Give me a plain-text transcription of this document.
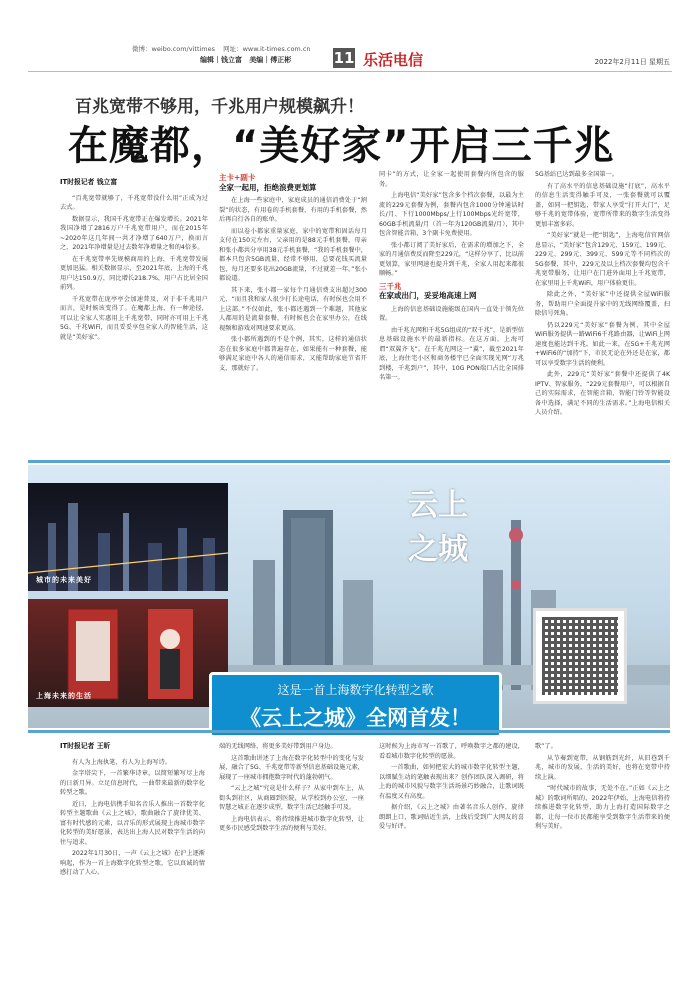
微博：weibo.com/vittimes 网址：www.it-times.com.cn
编辑｜钱立富 美编｜傅正彬	11 乐活电信	2022年2月11日 星期五
百兆宽带不够用，千兆用户规模飙升！
在魔都，“美好家”开启三千兆
IT时报记者 钱立富

“百兆宽带就够了，千兆宽带没什么用”正成为过去式。

数据显示，我国千兆宽带正在爆发增长。2021年我国净增了2816万户千兆宽带用户，而在2015年~2020年这几年间一共才净增了640万户，换而言之，2021年净增量是过去数年净增量之和的4倍多。

在千兆宽带率先规模商用的上海，千兆宽带发展更加迅猛。相关数据显示，至2021年底，上海的千兆用户达150.9万，同比增长218.7%，用户占比居全国前列。

千兆宽带在庞亭亭会加速普及，对于非千兆用户而言，是时候该变得了。在魔都上海，有一种途径，可以让全家人实惠用上千兆宽带，同时亦可用上千兆5G、千兆WiFi，而且妥妥享包全家人的智能生活，这就是“美好家”。

主卡+副卡
全家一起用，拒绝浪费更划算

在上海一些家庭中，家庭成员的通信消费处于“割裂”的状态，有用卷的手机套餐，有用的手机套餐，然后再自行各自的账单。

而以卷小都家重量家庭，家中的宽带和固话每月支付在150元左右，父亲用的是88元手机套餐，母亲和张小都共分享用38元手机套餐，“我的手机套餐中，都本只包含5GB流量，经常不够用，总要花钱买流量包，每月还要多花出20GB流量，不过就差一年。”张小都说道。

其下来，张小都一家每个月通信费支出超过300元，“而且我和家人很少打长途电话，有时侯也会用不上这部。”不仅如此，张小都还遇到一个难题，其他家人都用的是流量套餐，有时候也会在家里办公，在线视频和游戏对网速要求更高。

张小都所遇到的不是个例，其实，这样的通信状态在很多家庭中都普遍存在，如果能有一种套餐，能够满足家庭中各人的通信需求，又能帮助家庭节省开支，那就好了。

同卡”的方式，让全家一起使用套餐内所包含的服务。

上海电信“美好家”包含多个档次套餐，以最为主流的229元套餐为例，套餐内包含1000分钟通话时长/月、下行1000Mbps/上行100Mbps光纤宽带，60GB手机流量/月（首一年为120GB流量/月），其中包含智能音箱，3个副卡免费使用。

张小都订阅了美好家后，在需求的增加之下，全家的月通信费反而降至229元，“这样分享了，比以前更划算，家里网速也提升到千兆，全家人用起来都很顺畅。”

三千兆
在家或出门，妥妥地高速上网

上海的信息基础设施能级在国内一直处于领先位置。

由千兆光网和千兆5G组成的“双千兆”，是新型信息基础设施水平的最新指标。在这方面，上海可谓“双翼齐飞”。在千兆光网这一“翼”，截至2021年底，上海住宅小区和商务楼宇已全面实现光网“万兆到楼，千兆到户”，其中，10G PON端口占比全国排名第一。

5G基站已达到最多全国第一。

有了高水平的信息基础设施“打底”，高水平的信息生活变得触手可及，一张套餐就可以覆盖，如同一把钥匙，带家人享受“打开大门”，足够千兆的宽带体验，宽带所带来的数字生活变得更加丰富多彩。

“美好家”就是一把“钥匙”，上海电信官网信息显示，“美好家”包含129元、159元、199元、229元、299元、399元、599元等不同档次的5G套餐，其中，229元及以上档次套餐均包含千兆宽带服务，让用户在门进外面用上千兆宽带，在家里用上千兆WiFi，用户体验更佳。

除此之外，“美好家”中还提供全屋WiFi服务，帮助用户全面提升家中的无线网络覆盖，扫除信号死角。

仍以229元“美好家”套餐为例，其中全屋WiFi服务提供一路WiFi6千兆路由器，让WiFi上网速度也能达到千兆。如此一来，在5G+千兆光网+WiFi6的“加持”下，市民无论在外还是在家，都可以享受数字生活的便利。

此外，229元“美好家”套餐中还提供了4K IPTV、智家服务，“229元套餐用户，可以根据自己的实际需求，在智能音箱、智能门铃等智能设备中选择，满足不同的生活需求。”上海电信相关人员介绍。

城市的未来美好
上海未来的生活
云上之城
这是一首上海数字化转型之歌
《云上之城》全网首发！
IT时报记者 王昕

有人为上海执笔，有人为上海写诗。

金字塔尖下，一首繁华诗章，以简短繁写尽上海的日新月异。立足信息时代，一曲带来最新的数字化转型之歌。

近日，上海电信携手知名音乐人推出一首数字化转型主题歌曲《云上之城》，歌曲融合了旋律优美、富有时代感的元素，以音乐的形式展现上海城市数字化转型的美好愿景，表达出上海人民对数字生活的向往与追求。

2022年1月30日，一声《云上之城》在沪上逐渐响起，作为一首上海数字化转型之歌，它以真诚的情感打动了人心。

端的无线网络，将更多美好带到用户身边。

这首歌曲讲述了上海在数字化转型中的变化与发展，融合了5G、千兆宽带等新型信息基础设施元素，展现了一座城市拥抱数字时代的蓬勃朝气。

“云上之城”究竟是什么样子？从家中到车上，从街头到社区，从商圈到医院，从学校到办公室，一座智慧之城正在逐步成型，数字生活已经触手可及。

上海电信表示，将持续推进城市数字化转型，让更多市民感受到数字生活的便利与美好。

这时候为上海市写一首歌了，呼唤数字之都的建设，看看城市数字化转型的愿景。

一首歌曲，如何把宏大的城市数字化转型主题，以细腻生动的笔触表现出来？创作团队深入调研，将上海的城市风貌与数字生活场景巧妙融合，让歌词既有温度又有高度。

据介绍，《云上之城》由著名音乐人创作，旋律朗朗上口，歌词贴近生活，上线后受到广大网友的喜爱与好评。

歌”了。

从节奏到宽带，从钢筋到光纤，从旧巷到千兆，城市的发展，生活的美好，也将在宽带中持续上演。

“时代城市的故事，无处不在。”正如《云上之城》的歌词所唱的，2022年伊始，上海电信将持续推进数字化转型，助力上海打造国际数字之都，让每一位市民都能享受到数字生活带来的便利与美好。
